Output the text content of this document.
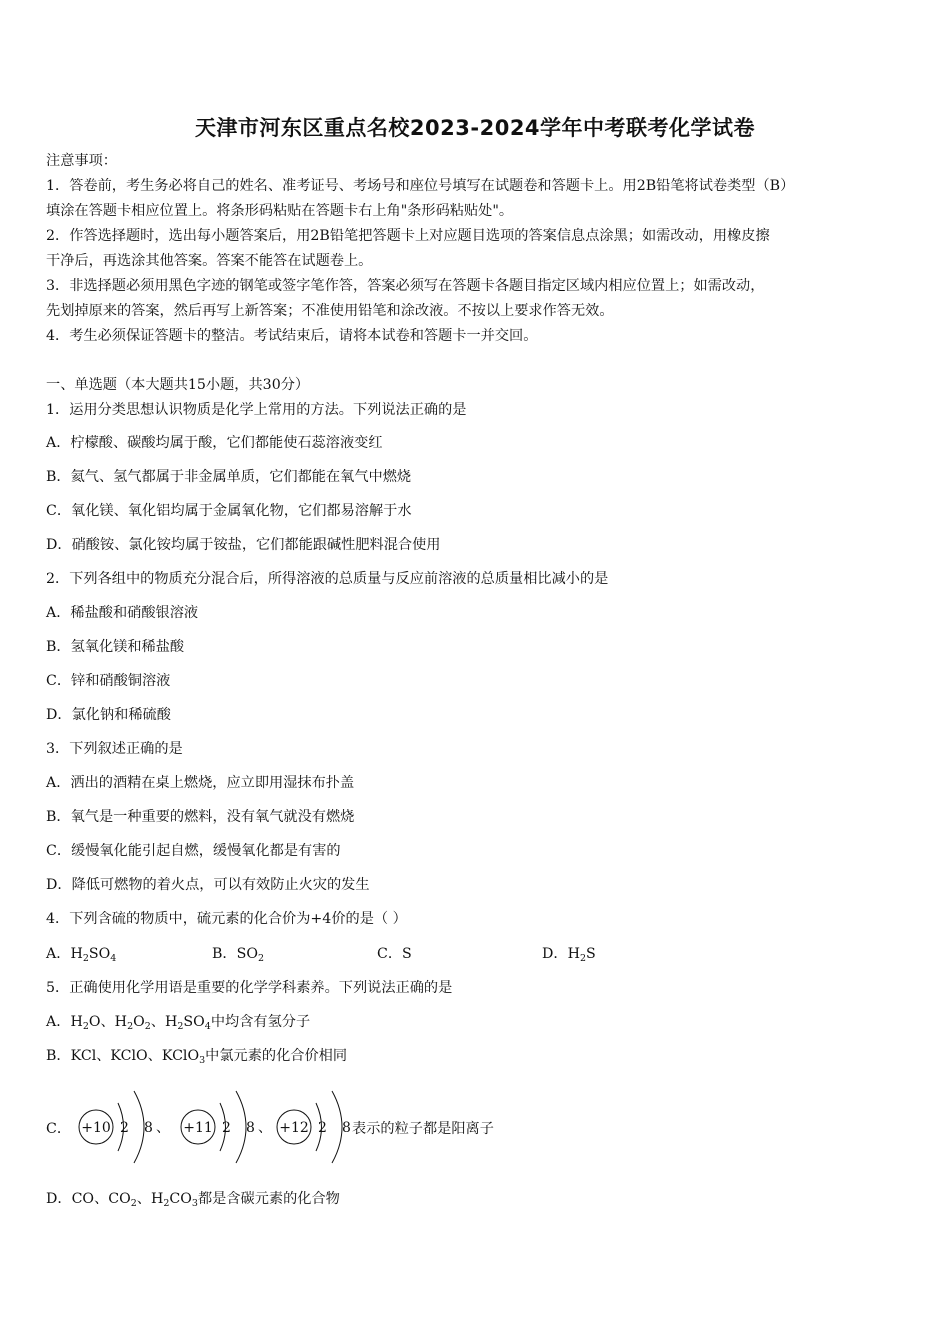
天津市河东区重点名校2023-2024学年中考联考化学试卷
注意事项：
1．答卷前，考生务必将自己的姓名、准考证号、考场号和座位号填写在试题卷和答题卡上。用2B铅笔将试卷类型（B）
填涂在答题卡相应位置上。将条形码粘贴在答题卡右上角"条形码粘贴处"。
2．作答选择题时，选出每小题答案后，用2B铅笔把答题卡上对应题目选项的答案信息点涂黑；如需改动，用橡皮擦
干净后，再选涂其他答案。答案不能答在试题卷上。
3．非选择题必须用黑色字迹的钢笔或签字笔作答，答案必须写在答题卡各题目指定区域内相应位置上；如需改动，
先划掉原来的答案，然后再写上新答案；不准使用铅笔和涂改液。不按以上要求作答无效。
4．考生必须保证答题卡的整洁。考试结束后，请将本试卷和答题卡一并交回。
一、单选题（本大题共15小题，共30分）
1．运用分类思想认识物质是化学上常用的方法。下列说法正确的是
A．柠檬酸、碳酸均属于酸，它们都能使石蕊溶液变红
B．氦气、氢气都属于非金属单质，它们都能在氧气中燃烧
C．氧化镁、氧化铝均属于金属氧化物，它们都易溶解于水
D．硝酸铵、氯化铵均属于铵盐，它们都能跟碱性肥料混合使用
2．下列各组中的物质充分混合后，所得溶液的总质量与反应前溶液的总质量相比减小的是
A．稀盐酸和硝酸银溶液
B．氢氧化镁和稀盐酸
C．锌和硝酸铜溶液
D．氯化钠和稀硫酸
3．下列叙述正确的是
A．洒出的酒精在桌上燃烧，应立即用湿抹布扑盖
B．氧气是一种重要的燃料，没有氧气就没有燃烧
C．缓慢氧化能引起自燃，缓慢氧化都是有害的
D．降低可燃物的着火点，可以有效防止火灾的发生
4．下列含硫的物质中，硫元素的化合价为+4价的是（ ）
A．$H_2SO_4$	B．$SO_2$	C．S	D．$H_2S$
5．正确使用化学用语是重要的化学学科素养。下列说法正确的是
A．$H_2O$、$H_2O_2$、$H_2SO_4$中均含有氢分子
B．KCl、KClO、KClO$_3$中氯元素的化合价相同
C． +10 2 8 、 +11 2 8 、 +12 2 8 表示的粒子都是阳离子
D．CO、$CO_2$、$H_2CO_3$都是含碳元素的化合物
